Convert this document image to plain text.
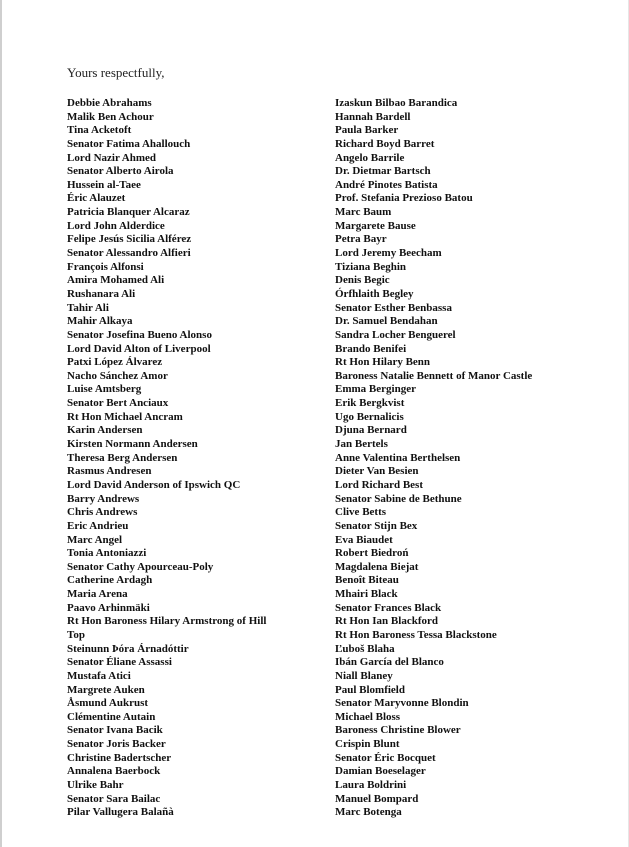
Yours respectfully,
Debbie Abrahams
Malik Ben Achour
Tina Acketoft
Senator Fatima Ahallouch
Lord Nazir Ahmed
Senator Alberto Airola
Hussein al-Taee
Éric Alauzet
Patricia Blanquer Alcaraz
Lord John Alderdice
Felipe Jesús Sicilia Alférez
Senator Alessandro Alfieri
François Alfonsi
Amira Mohamed Ali
Rushanara Ali
Tahir Ali
Mahir Alkaya
Senator Josefina Bueno Alonso
Lord David Alton of Liverpool
Patxi López Álvarez
Nacho Sánchez Amor
Luise Amtsberg
Senator Bert Anciaux
Rt Hon Michael Ancram
Karin Andersen
Kirsten Normann Andersen
Theresa Berg Andersen
Rasmus Andresen
Lord David Anderson of Ipswich QC
Barry Andrews
Chris Andrews
Eric Andrieu
Marc Angel
Tonia Antoniazzi
Senator Cathy Apourceau-Poly
Catherine Ardagh
Maria Arena
Paavo Arhinmäki
Rt Hon Baroness Hilary Armstrong of Hill
Top
Steinunn Þóra Árnadóttir
Senator Éliane Assassi
Mustafa Atici
Margrete Auken
Åsmund Aukrust
Clémentine Autain
Senator Ivana Bacik
Senator Joris Backer
Christine Badertscher
Annalena Baerbock
Ulrike Bahr
Senator Sara Bailac
Pilar Vallugera Balañà
Izaskun Bilbao Barandica
Hannah Bardell
Paula Barker
Richard Boyd Barret
Angelo Barrile
Dr. Dietmar Bartsch
André Pinotes Batista
Prof. Stefania Prezioso Batou
Marc Baum
Margarete Bause
Petra Bayr
Lord Jeremy Beecham
Tiziana Beghin
Denis Begic
Órfhlaith Begley
Senator Esther Benbassa
Dr. Samuel Bendahan
Sandra Locher Benguerel
Brando Benifei
Rt Hon Hilary Benn
Baroness Natalie Bennett of Manor Castle
Emma Berginger
Erik Bergkvist
Ugo Bernalicis
Djuna Bernard
Jan Bertels
Anne Valentina Berthelsen
Dieter Van Besien
Lord Richard Best
Senator Sabine de Bethune
Clive Betts
Senator Stijn Bex
Eva Biaudet
Robert Biedroń
Magdalena Biejat
Benoît Biteau
Mhairi Black
Senator Frances Black
Rt Hon Ian Blackford
Rt Hon Baroness Tessa Blackstone
Ľuboš Blaha
Ibán García del Blanco
Niall Blaney
Paul Blomfield
Senator Maryvonne Blondin
Michael Bloss
Baroness Christine Blower
Crispin Blunt
Senator Éric Bocquet
Damian Boeselager
Laura Boldrini
Manuel Bompard
Marc Botenga
